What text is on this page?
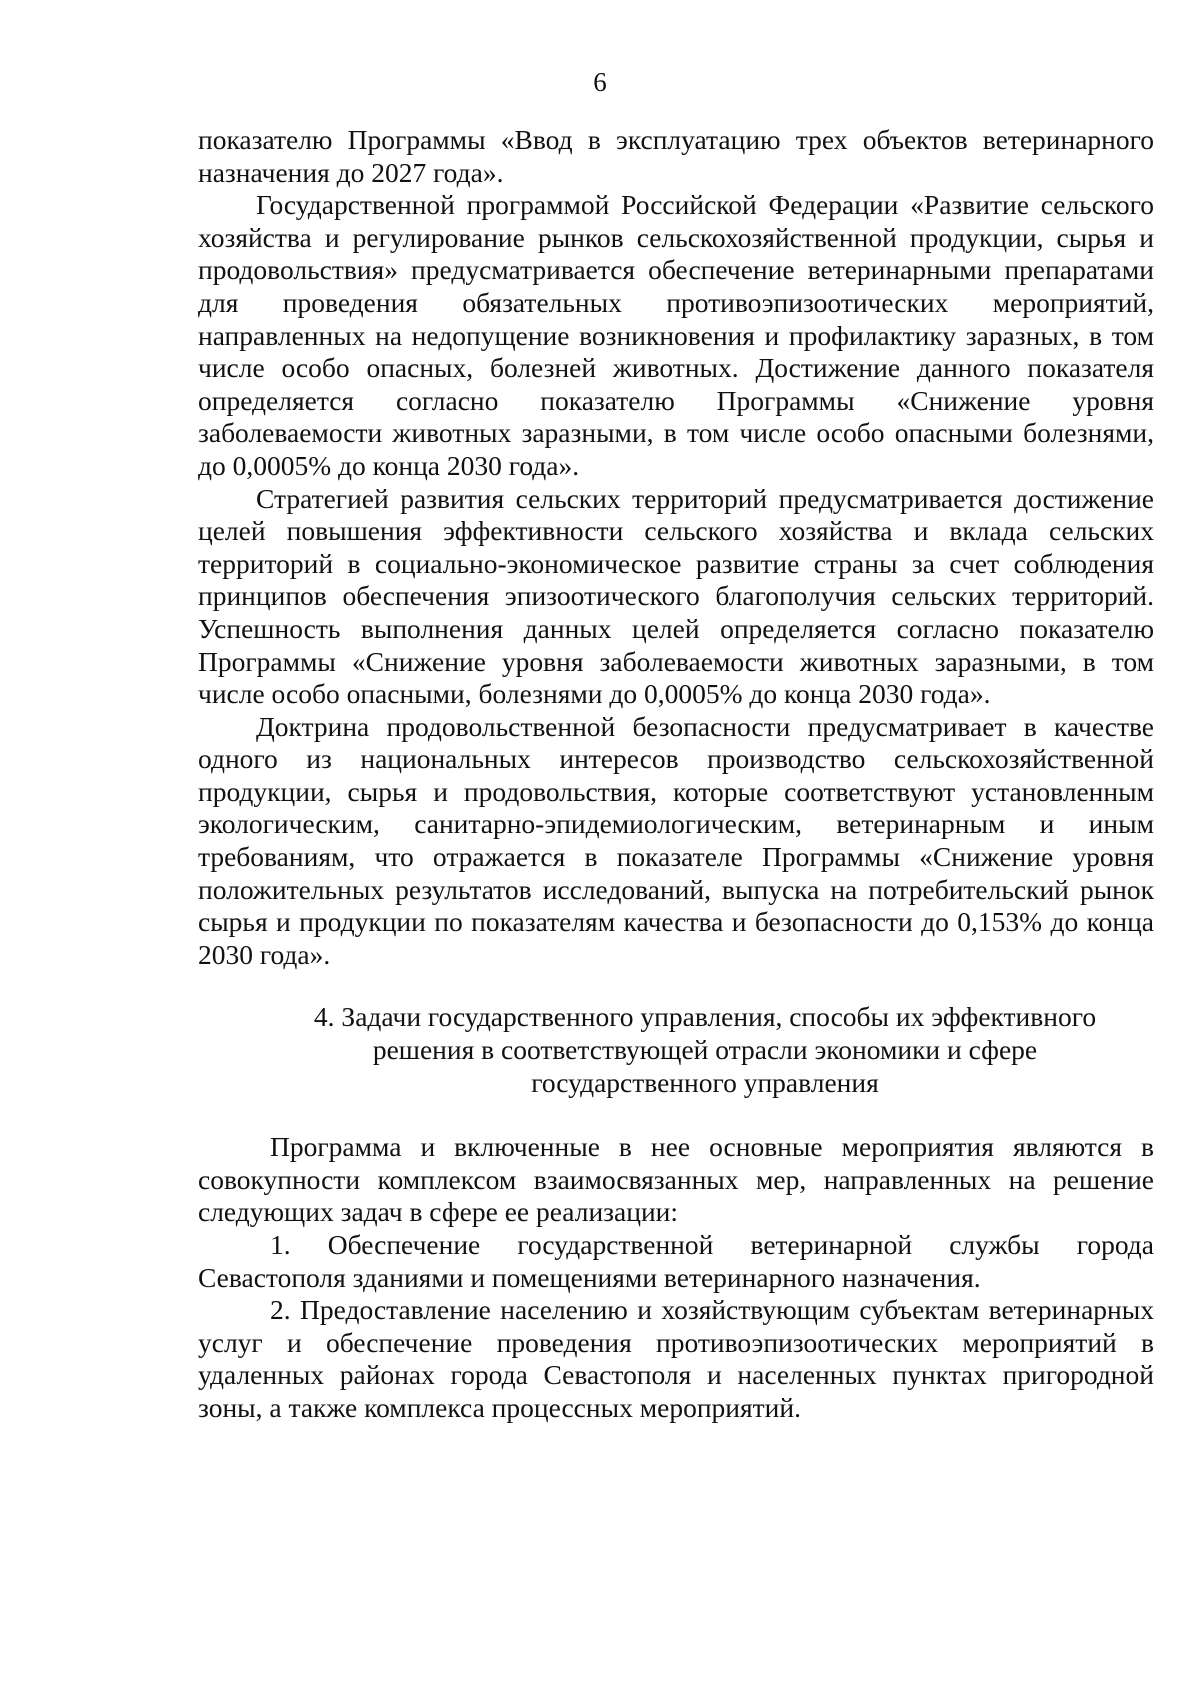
6

показателю Программы «Ввод в эксплуатацию трех объектов ветеринарного назначения до 2027 года».

Государственной программой Российской Федерации «Развитие сельского хозяйства и регулирование рынков сельскохозяйственной продукции, сырья и продовольствия» предусматривается обеспечение ветеринарными препаратами для проведения обязательных противоэпизоотических мероприятий, направленных на недопущение возникновения и профилактику заразных, в том числе особо опасных, болезней животных. Достижение данного показателя определяется согласно показателю Программы «Снижение уровня заболеваемости животных заразными, в том числе особо опасными болезнями, до 0,0005% до конца 2030 года».

Стратегией развития сельских территорий предусматривается достижение целей повышения эффективности сельского хозяйства и вклада сельских территорий в социально-экономическое развитие страны за счет соблюдения принципов обеспечения эпизоотического благополучия сельских территорий. Успешность выполнения данных целей определяется согласно показателю Программы «Снижение уровня заболеваемости животных заразными, в том числе особо опасными, болезнями до 0,0005% до конца 2030 года».

Доктрина продовольственной безопасности предусматривает в качестве одного из национальных интересов производство сельскохозяйственной продукции, сырья и продовольствия, которые соответствуют установленным экологическим, санитарно-эпидемиологическим, ветеринарным и иным требованиям, что отражается в показателе Программы «Снижение уровня положительных результатов исследований, выпуска на потребительский рынок сырья и продукции по показателям качества и безопасности до 0,153% до конца 2030 года».

4. Задачи государственного управления, способы их эффективного
решения в соответствующей отрасли экономики и сфере
государственного управления

Программа и включенные в нее основные мероприятия являются в совокупности комплексом взаимосвязанных мер, направленных на решение следующих задач в сфере ее реализации:

1. Обеспечение государственной ветеринарной службы города Севастополя зданиями и помещениями ветеринарного назначения.

2. Предоставление населению и хозяйствующим субъектам ветеринарных услуг и обеспечение проведения противоэпизоотических мероприятий в удаленных районах города Севастополя и населенных пунктах пригородной зоны, а также комплекса процессных мероприятий.
